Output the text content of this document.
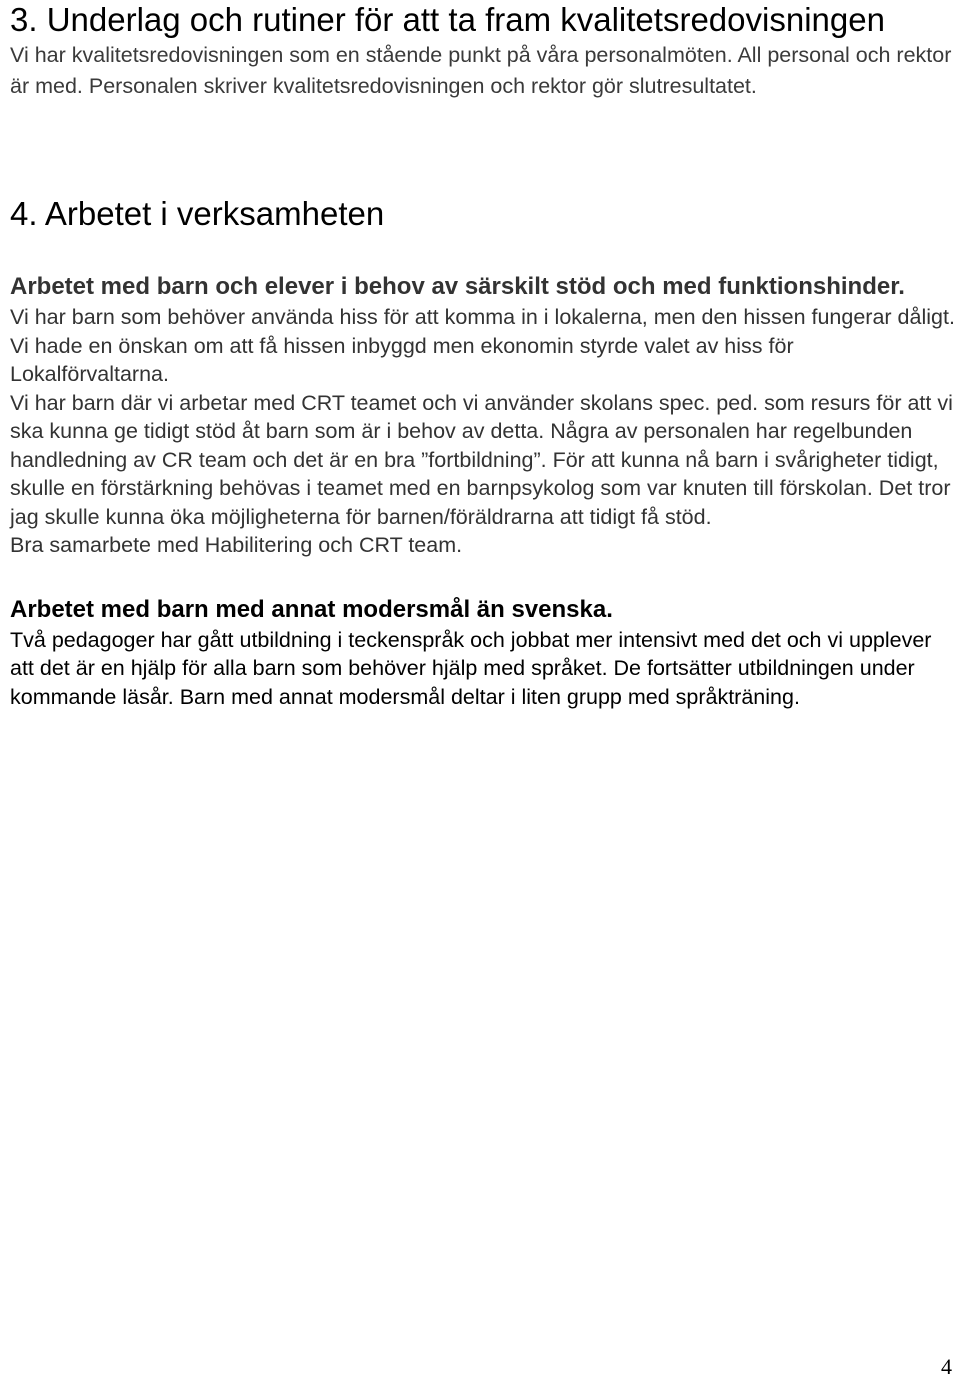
3. Underlag och rutiner för att ta fram kvalitetsredovisningen

Vi har kvalitetsredovisningen som en stående punkt på våra personalmöten. All personal och rektor är med. Personalen skriver kvalitetsredovisningen och rektor gör slutresultatet.

4. Arbetet i verksamheten
Arbetet med barn och elever i behov av särskilt stöd och med funktionshinder.

Vi har barn som behöver använda hiss för att komma in i lokalerna, men den hissen fungerar dåligt. Vi hade en önskan om att få hissen inbyggd men ekonomin styrde valet av hiss för Lokalförvaltarna.

Vi har barn där vi arbetar med CRT teamet och vi använder skolans spec. ped. som resurs för att vi ska kunna ge tidigt stöd åt barn som är i behov av detta. Några av personalen har regelbunden handledning av CR team och det är en bra ”fortbildning”. För att kunna nå barn i svårigheter tidigt, skulle en förstärkning behövas i teamet med en barnpsykolog som var knuten till förskolan. Det tror jag skulle kunna öka möjligheterna för barnen/föräldrarna att tidigt få stöd.

Bra samarbete med Habilitering och CRT team.

Arbetet med barn med annat modersmål än svenska.

Två pedagoger har gått utbildning i teckenspråk och jobbat mer intensivt med det och vi upplever att det är en hjälp för alla barn som behöver hjälp med språket. De fortsätter utbildningen under kommande läsår. Barn med annat modersmål deltar i liten grupp med språkträning.

4
